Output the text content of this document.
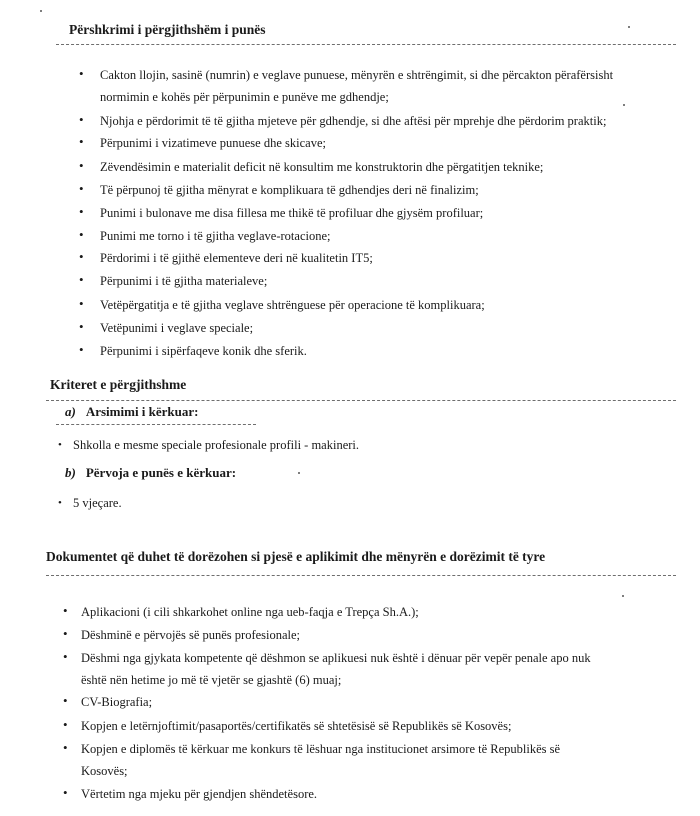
Përshkrimi i përgjithshëm i punës
• Cakton llojin, sasinë (numrin) e veglave punuese, mënyrën e shtrëngimit, si dhe përcakton përafërsisht
normimin e kohës për përpunimin e punëve me gdhendje;
• Njohja e përdorimit të të gjitha mjeteve për gdhendje, si dhe aftësi për mprehje dhe përdorim praktik;
• Përpunimi i vizatimeve punuese dhe skicave;
• Zëvendësimin e materialit deficit në konsultim me konstruktorin dhe përgatitjen teknike;
• Të përpunoj të gjitha mënyrat e komplikuara të gdhendjes deri në finalizim;
• Punimi i bulonave me disa fillesa me thikë të profiluar dhe gjysëm profiluar;
• Punimi me torno i të gjitha veglave-rotacione;
• Përdorimi i të gjithë elementeve deri në kualitetin IT5;
• Përpunimi i të gjitha materialeve;
• Vetëpërgatitja e të gjitha veglave shtrënguese për operacione të komplikuara;
• Vetëpunimi i veglave speciale;
• Përpunimi i sipërfaqeve konik dhe sferik.
Kriteret e përgjithshme
a) Arsimimi i kërkuar:
• Shkolla e mesme speciale profesionale profili - makineri.
b) Përvoja e punës e kërkuar:
• 5 vjeçare.
Dokumentet që duhet të dorëzohen si pjesë e aplikimit dhe mënyrën e dorëzimit të tyre
• Aplikacioni (i cili shkarkohet online nga ueb-faqja e Trepça Sh.A.);
• Dëshminë e përvojës së punës profesionale;
• Dëshmi nga gjykata kompetente që dëshmon se aplikuesi nuk është i dënuar për vepër penale apo nuk
është nën hetime jo më të vjetër se gjashtë (6) muaj;
• CV-Biografia;
• Kopjen e letërnjoftimit/pasaportës/certifikatës së shtetësisë së Republikës së Kosovës;
• Kopjen e diplomës të kërkuar me konkurs të lëshuar nga institucionet arsimore të Republikës së
Kosovës;
• Vërtetim nga mjeku për gjendjen shëndetësore.
